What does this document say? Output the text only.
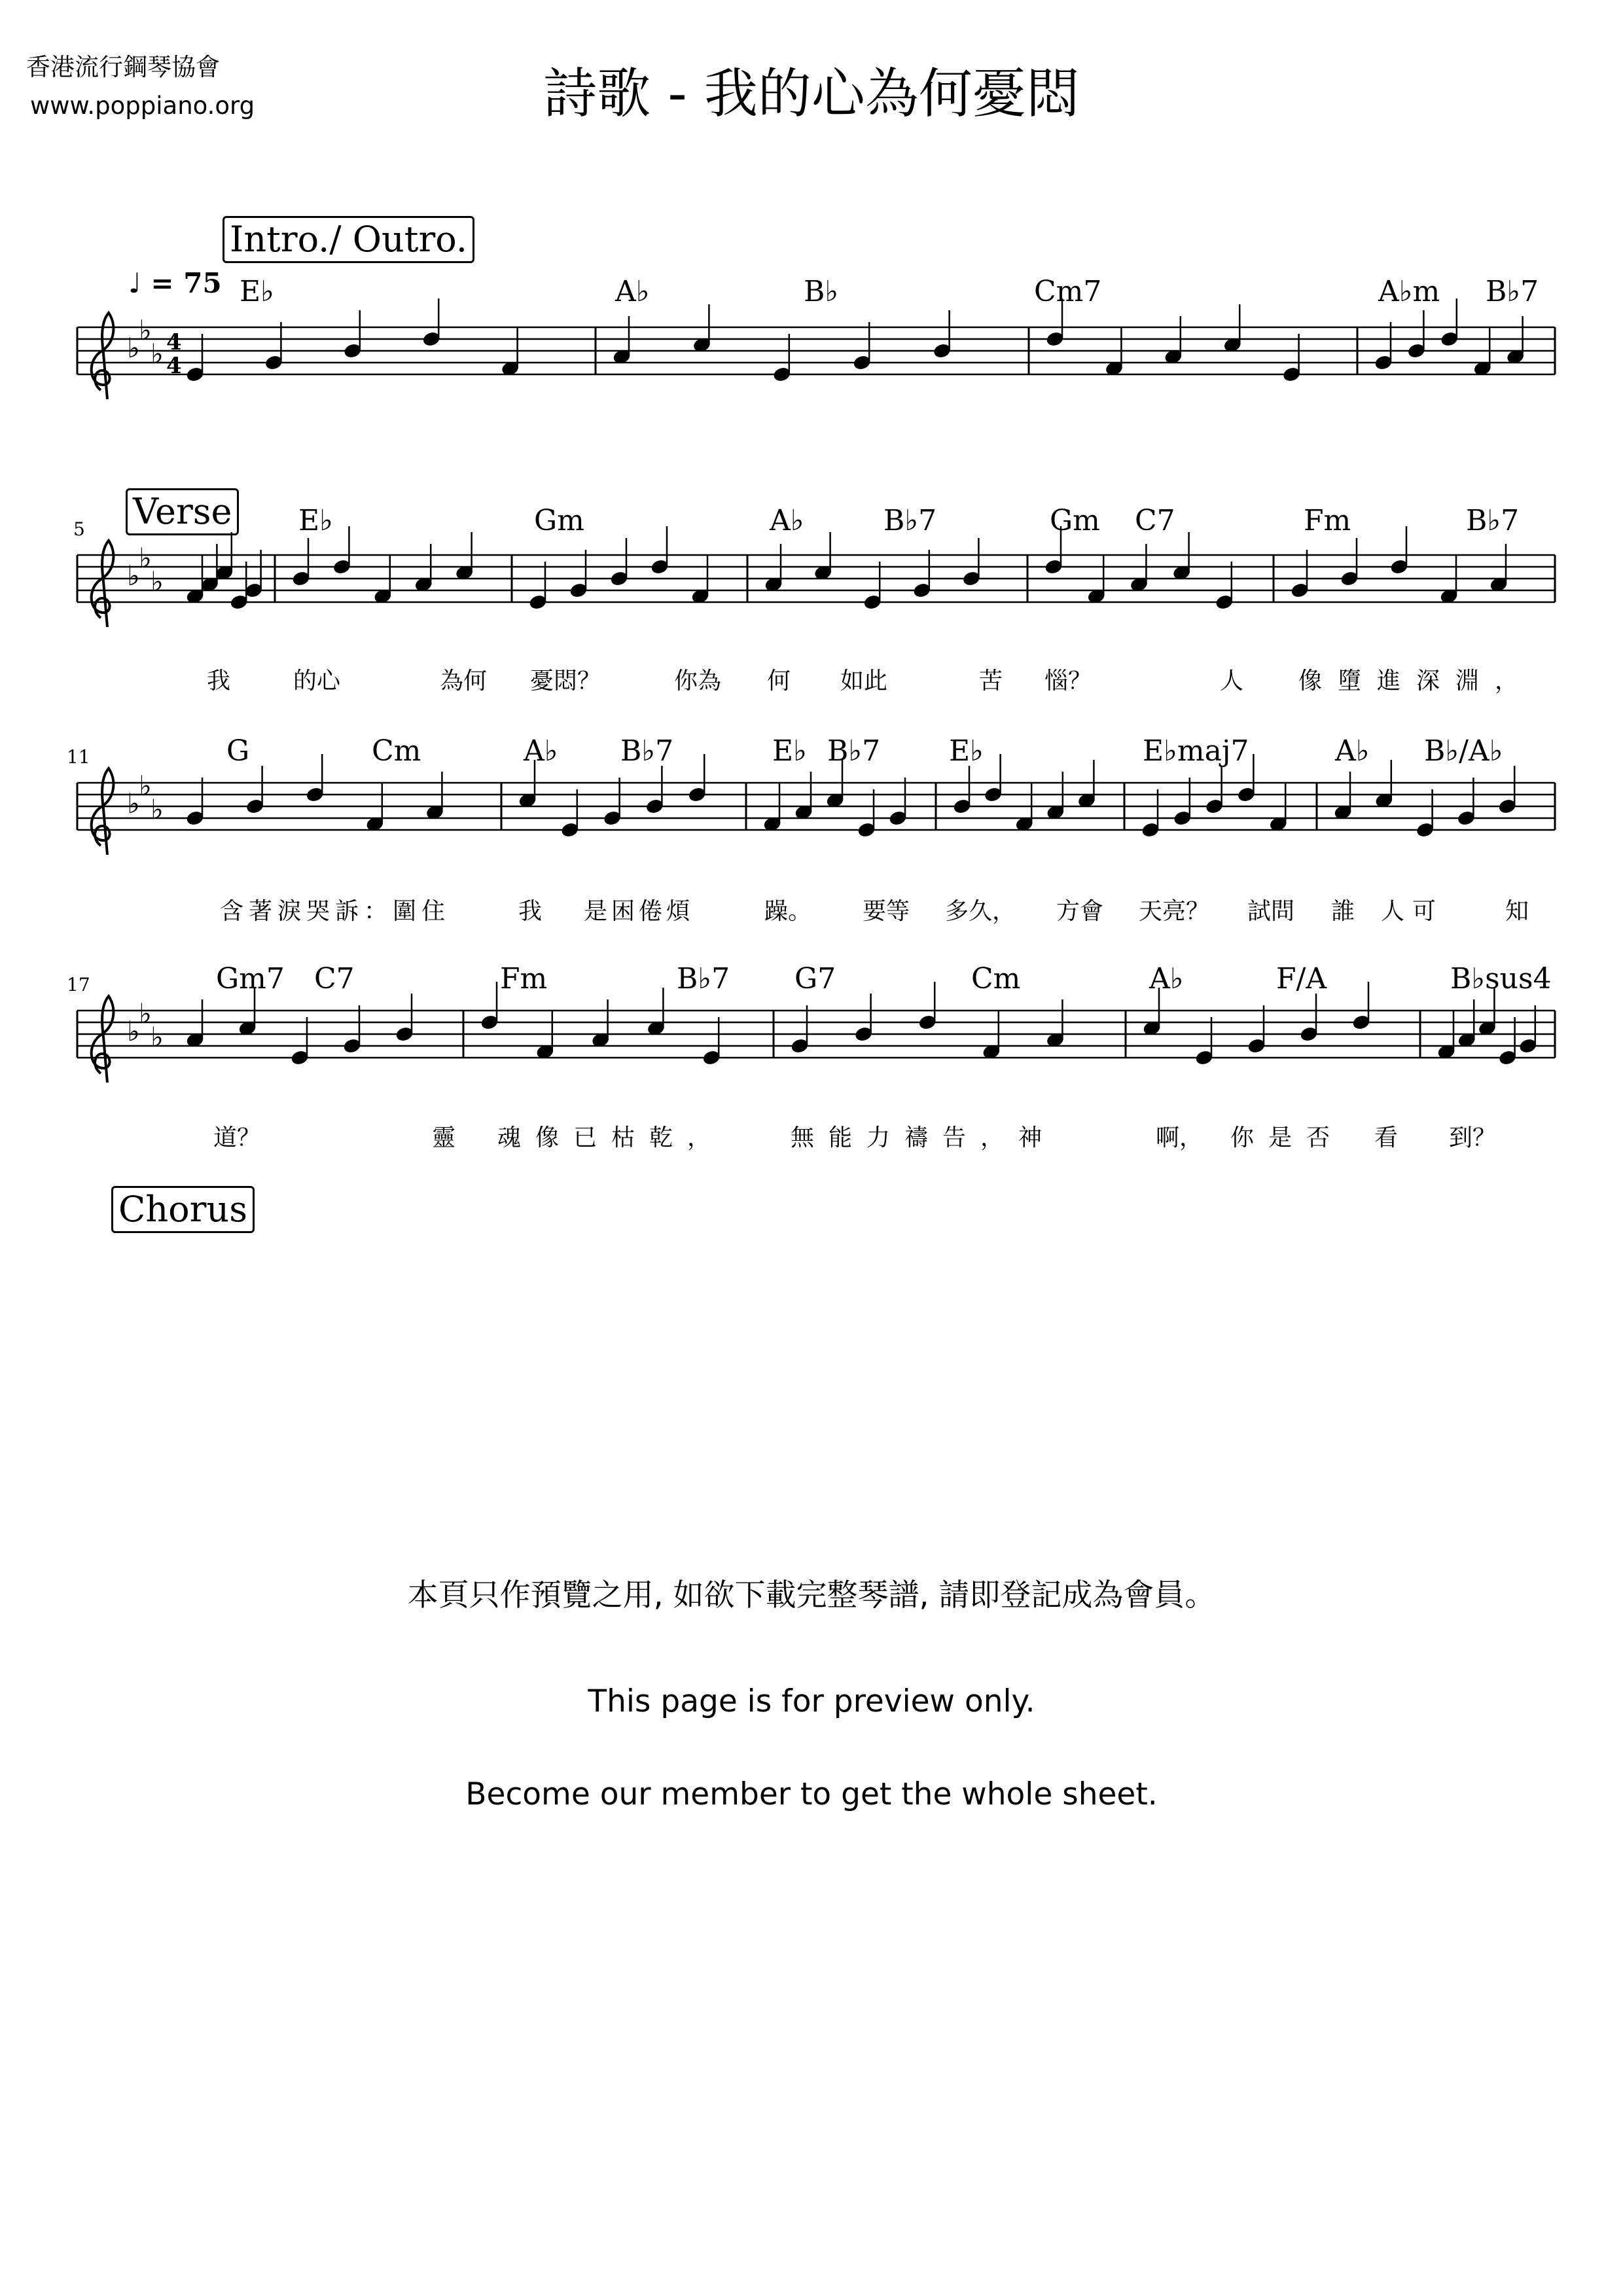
香港流行鋼琴協會
www.poppiano.org	詩歌 - 我的心為何憂悶
♭
♭
♭ 4
4
♭
♭
♭
♭
♭
♭
♭
♭
♭
♩ = 75
Intro./ Outro.
Verse
Chorus
5
11
17
E♭	A♭	B♭	Cm7	A♭m B♭7
E♭	Gm	A♭	B♭7	Gm C7	Fm	B♭7
G	Cm	A♭ B♭7	E♭ B♭7 E♭	E♭maj7	A♭ B♭/A♭
Gm7 C7	Fm	B♭7 G7	Cm	A♭	F/A	B♭sus4
我	的心	為何 憂悶？	你為 何 如此	苦 惱？	人 像墮進深淵，
含著淚哭訴：圍住	我 是困倦煩	躁。 要等 多久， 方會 天亮？ 試問 誰 人可	知
道？	靈 魂像已枯乾，	無能力禱告，神	啊， 你是否 看 到？
本頁只作預覽之用, 如欲下載完整琴譜, 請即登記成為會員。
This page is for preview only.
Become our member to get the whole sheet.
